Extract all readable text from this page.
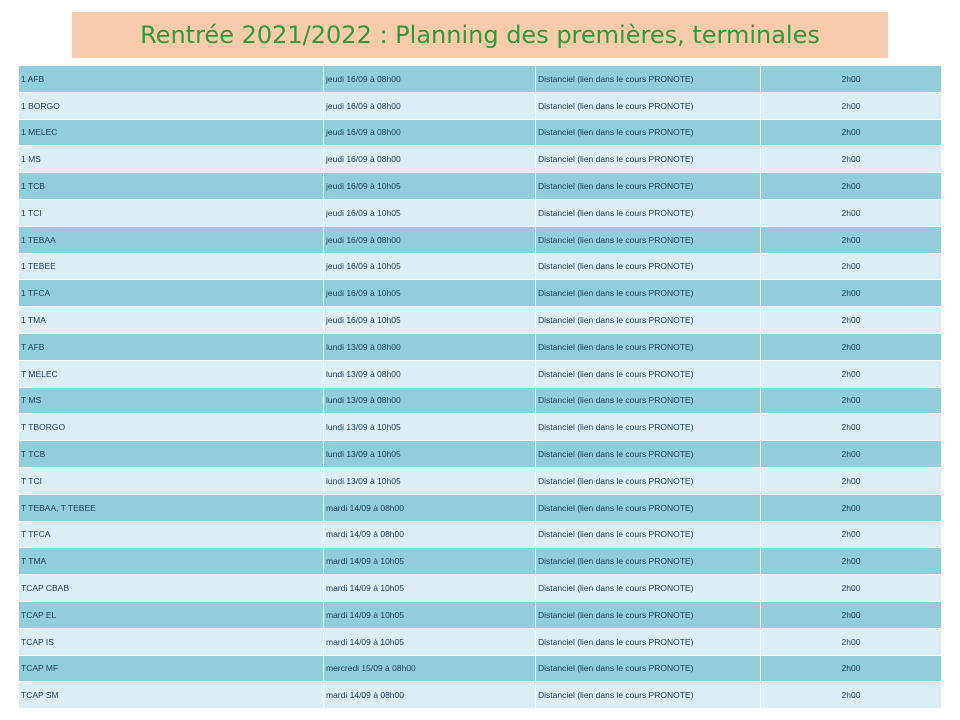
Rentrée 2021/2022 : Planning des premières, terminales
1 AFB	jeudi 16/09 à 08h00	Distanciel (lien dans le cours PRONOTE)	2h00
1 BORGO	jeudi 16/09 à 08h00	Distanciel (lien dans le cours PRONOTE)	2h00
1 MELEC	jeudi 16/09 à 08h00	Distanciel (lien dans le cours PRONOTE)	2h00
1 MS	jeudi 16/09 à 08h00	Distanciel (lien dans le cours PRONOTE)	2h00
1 TCB	jeudi 16/09 à 10h05	Distanciel (lien dans le cours PRONOTE)	2h00
1 TCI	jeudi 16/09 à 10h05	Distanciel (lien dans le cours PRONOTE)	2h00
1 TEBAA	jeudi 16/09 à 08h00	Distanciel (lien dans le cours PRONOTE)	2h00
1 TEBEE	jeudi 16/09 à 10h05	Distanciel (lien dans le cours PRONOTE)	2h00
1 TFCA	jeudi 16/09 à 10h05	Distanciel (lien dans le cours PRONOTE)	2h00
1 TMA	jeudi 16/09 à 10h05	Distanciel (lien dans le cours PRONOTE)	2h00
T AFB	lundi 13/09 à 08h00	Distanciel (lien dans le cours PRONOTE)	2h00
T MELEC	lundi 13/09 à 08h00	Distanciel (lien dans le cours PRONOTE)	2h00
T MS	lundi 13/09 à 08h00	Distanciel (lien dans le cours PRONOTE)	2h00
T TBORGO	lundi 13/09 à 10h05	Distanciel (lien dans le cours PRONOTE)	2h00
T TCB	lundi 13/09 à 10h05	Distanciel (lien dans le cours PRONOTE)	2h00
T TCI	lundi 13/09 à 10h05	Distanciel (lien dans le cours PRONOTE)	2h00
T TEBAA, T TEBEE	mardi 14/09 à 08h00	Distanciel (lien dans le cours PRONOTE)	2h00
T TFCA	mardi 14/09 à 08h00	Distanciel (lien dans le cours PRONOTE)	2h00
T TMA	mardi 14/09 à 10h05	Distanciel (lien dans le cours PRONOTE)	2h00
TCAP CBAB	mardi 14/09 à 10h05	Distanciel (lien dans le cours PRONOTE)	2h00
TCAP EL	mardi 14/09 à 10h05	Distanciel (lien dans le cours PRONOTE)	2h00
TCAP IS	mardi 14/09 à 10h05	Distanciel (lien dans le cours PRONOTE)	2h00
TCAP MF	mercredi 15/09 à 08h00	Distanciel (lien dans le cours PRONOTE)	2h00
TCAP SM	mardi 14/09 à 08h00	Distanciel (lien dans le cours PRONOTE)	2h00
